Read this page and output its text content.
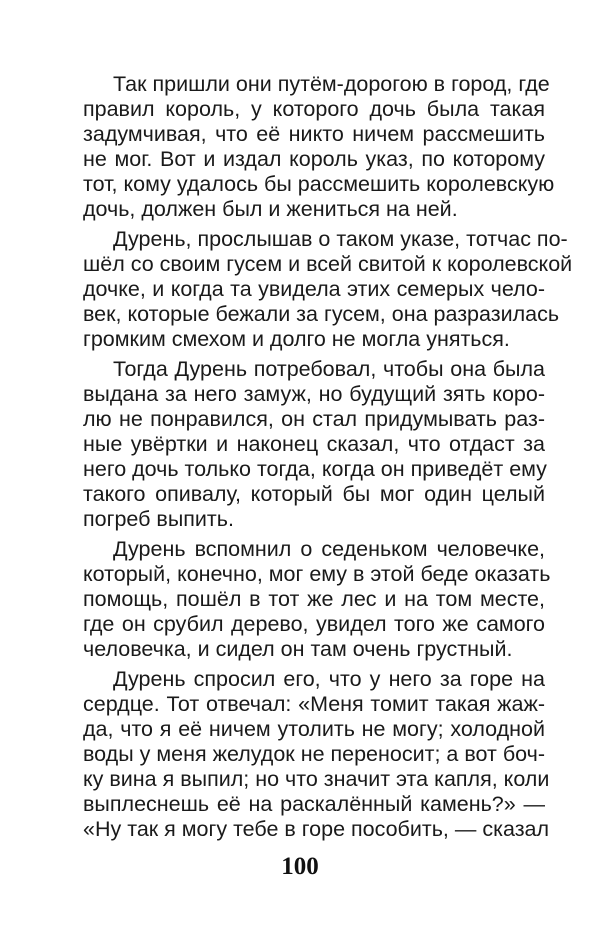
Так пришли они путём-дорогою в город, где
правил король, у которого дочь была такая
задумчивая, что её никто ничем рассмешить
не мог. Вот и издал король указ, по которому
тот, кому удалось бы рассмешить королевскую
дочь, должен был и жениться на ней.
Дурень, прослышав о таком указе, тотчас по-
шёл со своим гусем и всей свитой к королевской
дочке, и когда та увидела этих семерых чело-
век, которые бежали за гусем, она разразилась
громким смехом и долго не могла уняться.
Тогда Дурень потребовал, чтобы она была
выдана за него замуж, но будущий зять коро-
лю не понравился, он стал придумывать раз-
ные увёртки и наконец сказал, что отдаст за
него дочь только тогда, когда он приведёт ему
такого опивалу, который бы мог один целый
погреб выпить.
Дурень вспомнил о седеньком человечке,
который, конечно, мог ему в этой беде оказать
помощь, пошёл в тот же лес и на том месте,
где он срубил дерево, увидел того же самого
человечка, и сидел он там очень грустный.
Дурень спросил его, что у него за горе на
сердце. Тот отвечал: «Меня томит такая жаж-
да, что я её ничем утолить не могу; холодной
воды у меня желудок не переносит; а вот боч-
ку вина я выпил; но что значит эта капля, коли
выплеснешь её на раскалённый камень?» —
«Ну так я могу тебе в горе пособить, — сказал
100
